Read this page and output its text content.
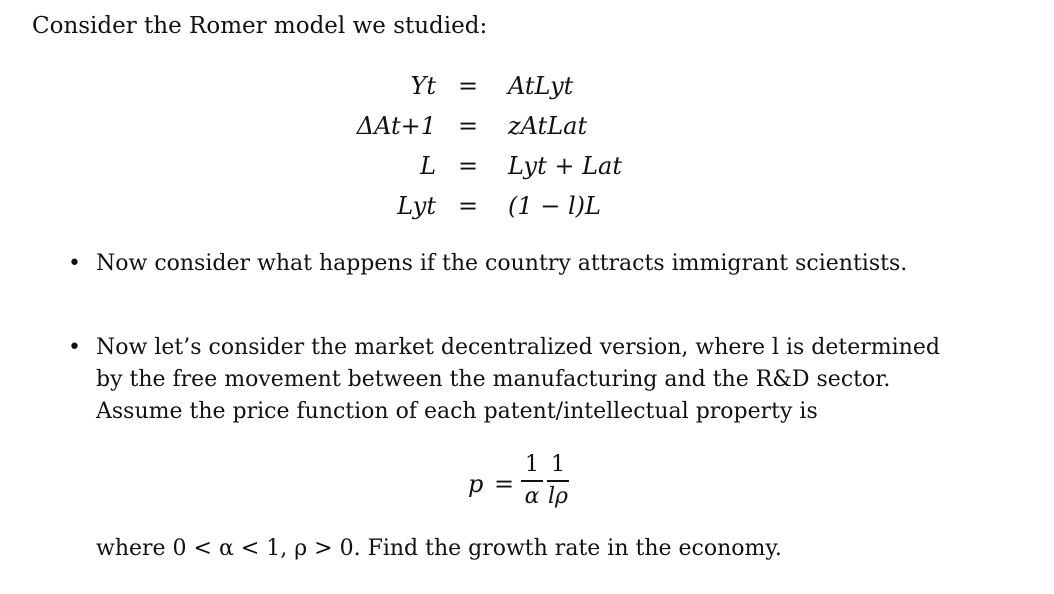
Consider the Romer model we studied:
Yt = AtLyt
ΔAt+1 = zAtLat
L = Lyt + Lat
Lyt = (1 − l)L
• Now consider what happens if the country attracts immigrant scientists.
• Now let’s consider the market decentralized version, where l is determined
by the free movement between the manufacturing and the R&D sector.
Assume the price function of each patent/intellectual property is
p =
1
α
1
lρ
where 0 < α < 1, ρ > 0. Find the growth rate in the economy.
